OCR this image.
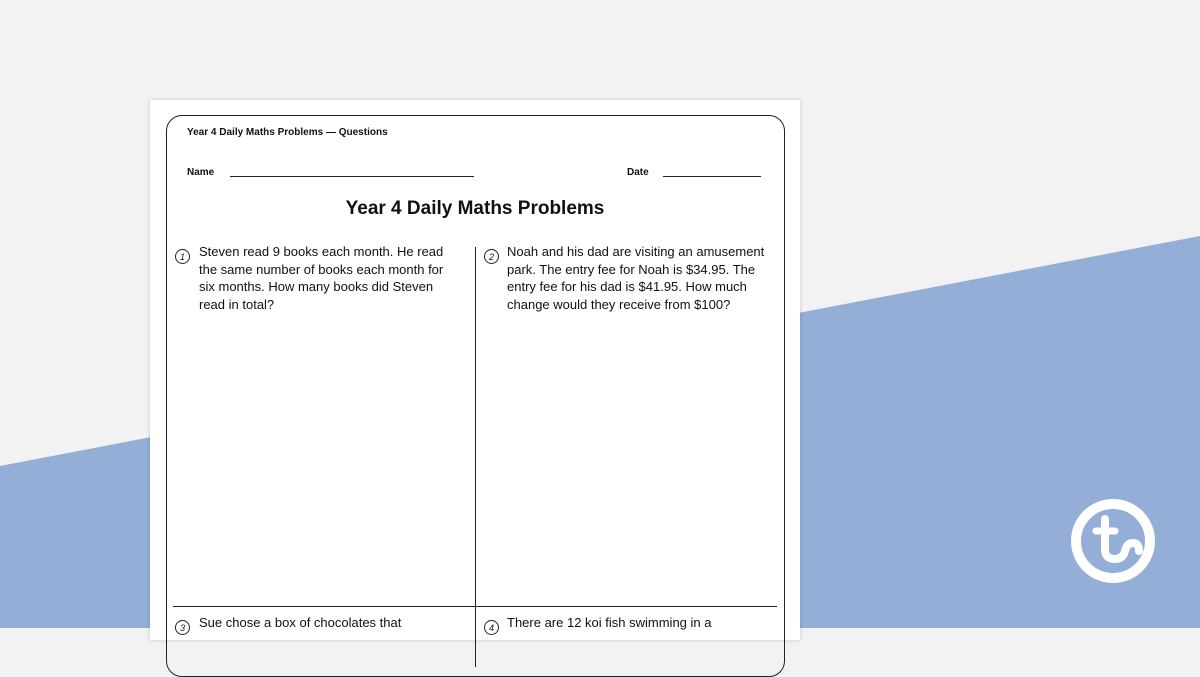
Year 4 Daily Maths Problems — Questions
Name	Date
Year 4 Daily Maths Problems
1	Steven read 9 books each month. He read the same number of books each month for six months. How many books did Steven read in total?
2	Noah and his dad are visiting an amusement park. The entry fee for Noah is $34.95. The entry fee for his dad is $41.95. How much change would they receive from $100?
3	Sue chose a box of chocolates that	4	There are 12 koi fish swimming in a
